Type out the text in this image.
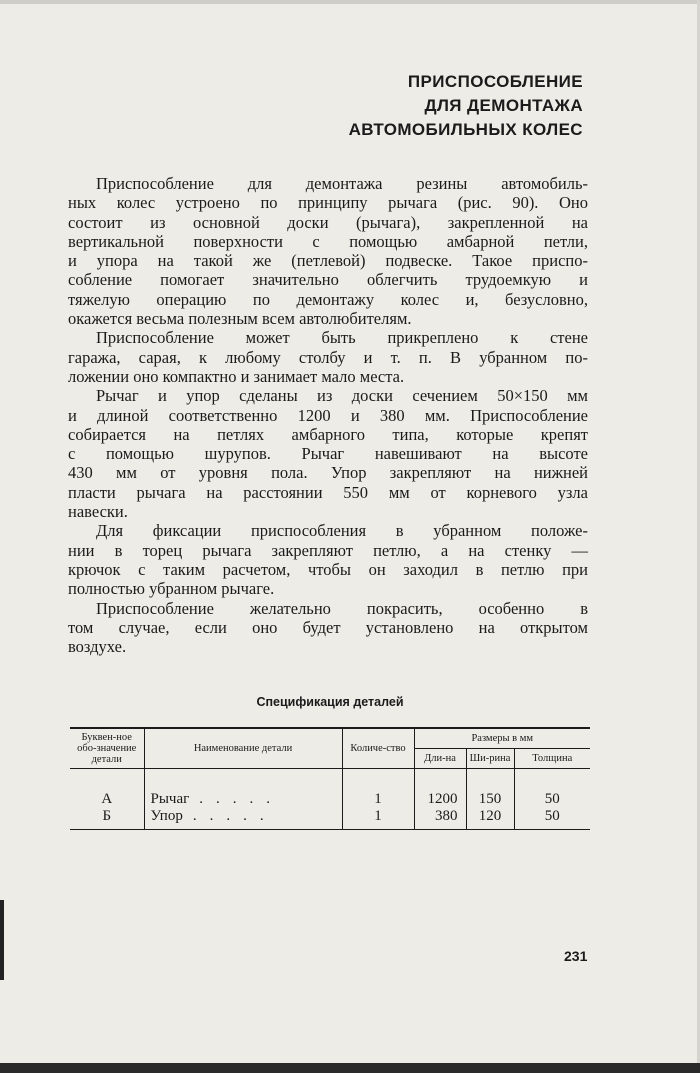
ПРИСПОСОБЛЕНИЕ
ДЛЯ ДЕМОНТАЖА
АВТОМОБИЛЬНЫХ КОЛЕС
Приспособление для демонтажа резины автомобиль-
ных колес устроено по принципу рычага (рис. 90). Оно
состоит из основной доски (рычага), закрепленной на
вертикальной поверхности с помощью амбарной петли,
и упора на такой же (петлевой) подвеске. Такое приспо-
собление помогает значительно облегчить трудоемкую и
тяжелую операцию по демонтажу колес и, безусловно,
окажется весьма полезным всем автолюбителям.
Приспособление может быть прикреплено к стене
гаража, сарая, к любому столбу и т. п. В убранном по-
ложении оно компактно и занимает мало места.
Рычаг и упор сделаны из доски сечением 50×150 мм
и длиной соответственно 1200 и 380 мм. Приспособление
собирается на петлях амбарного типа, которые крепят
с помощью шурупов. Рычаг навешивают на высоте
430 мм от уровня пола. Упор закрепляют на нижней
пласти рычага на расстоянии 550 мм от корневого узла
навески.
Для фиксации приспособления в убранном положе-
нии в торец рычага закрепляют петлю, а на стенку —
крючок с таким расчетом, чтобы он заходил в петлю при
полностью убранном рычаге.
Приспособление желательно покрасить, особенно в
том случае, если оно будет установлено на открытом
воздухе.
Спецификация деталей
Буквен-ное обо-значение детали	Наименование детали	Количе-ство	Размеры в мм		
			Дли-на	Ши-рина	Толщина

А	Рычаг .....	1	1200	150	50
Б	Упор .....	1	380	120	50
231
